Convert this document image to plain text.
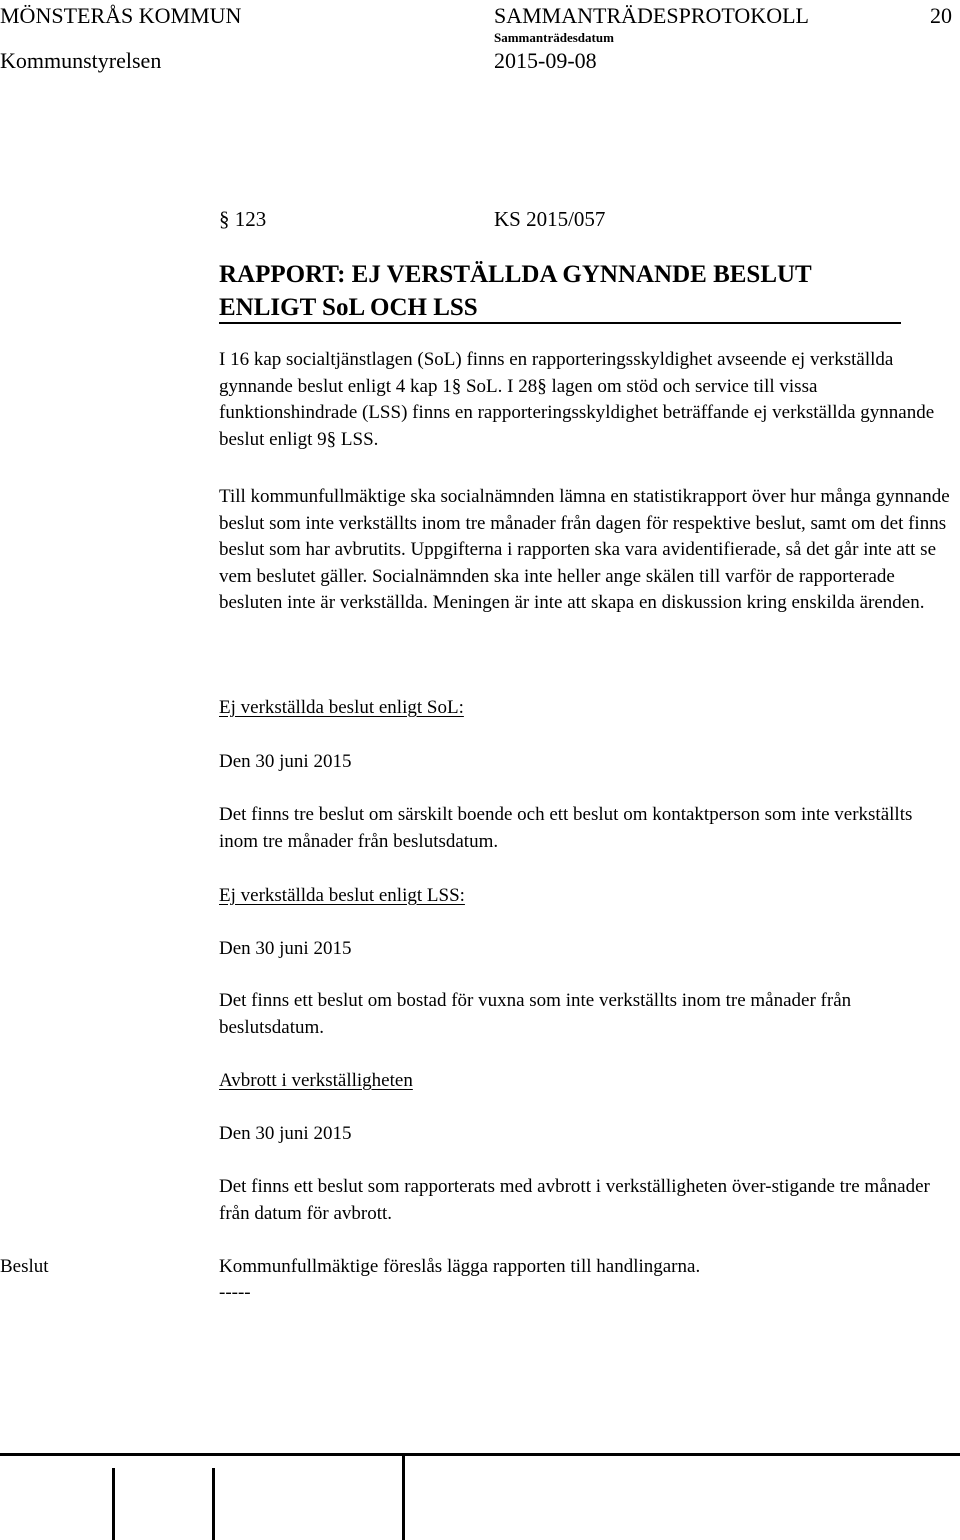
MÖNSTERÅS KOMMUN
Kommunstyrelsen
SAMMANTRÄDESPROTOKOLL
Sammanträdesdatum
2015-09-08
20
§ 123	KS 2015/057
RAPPORT: EJ VERSTÄLLDA GYNNANDE BESLUT
ENLIGT SoL OCH LSS

I 16 kap socialtjänstlagen (SoL) finns en rapporteringsskyldighet avseende ej verkställda gynnande beslut enligt 4 kap 1§ SoL. I 28§ lagen om stöd och service till vissa funktionshindrade (LSS) finns en rapporteringsskyldighet beträffande ej verkställda gynnande beslut enligt 9§ LSS.

Till kommunfullmäktige ska socialnämnden lämna en statistikrapport över hur många gynnande beslut som inte verkställts inom tre månader från dagen för respektive beslut, samt om det finns beslut som har avbrutits. Uppgifterna i rapporten ska vara avidentifierade, så det går inte att se vem beslutet gäller. Socialnämnden ska inte heller ange skälen till varför de rapporterade besluten inte är verkställda. Meningen är inte att skapa en diskussion kring enskilda ärenden.

Ej verkställda beslut enligt SoL:
Den 30 juni 2015

Det finns tre beslut om särskilt boende och ett beslut om kontaktperson som inte verkställts inom tre månader från beslutsdatum.

Ej verkställda beslut enligt LSS:
Den 30 juni 2015

Det finns ett beslut om bostad för vuxna som inte verkställts inom tre månader från beslutsdatum.

Avbrott i verkställigheten
Den 30 juni 2015

Det finns ett beslut som rapporterats med avbrott i verkställigheten över-stigande tre månader från datum för avbrott.

Beslut	Kommunfullmäktige föreslås lägga rapporten till handlingarna.
-----
